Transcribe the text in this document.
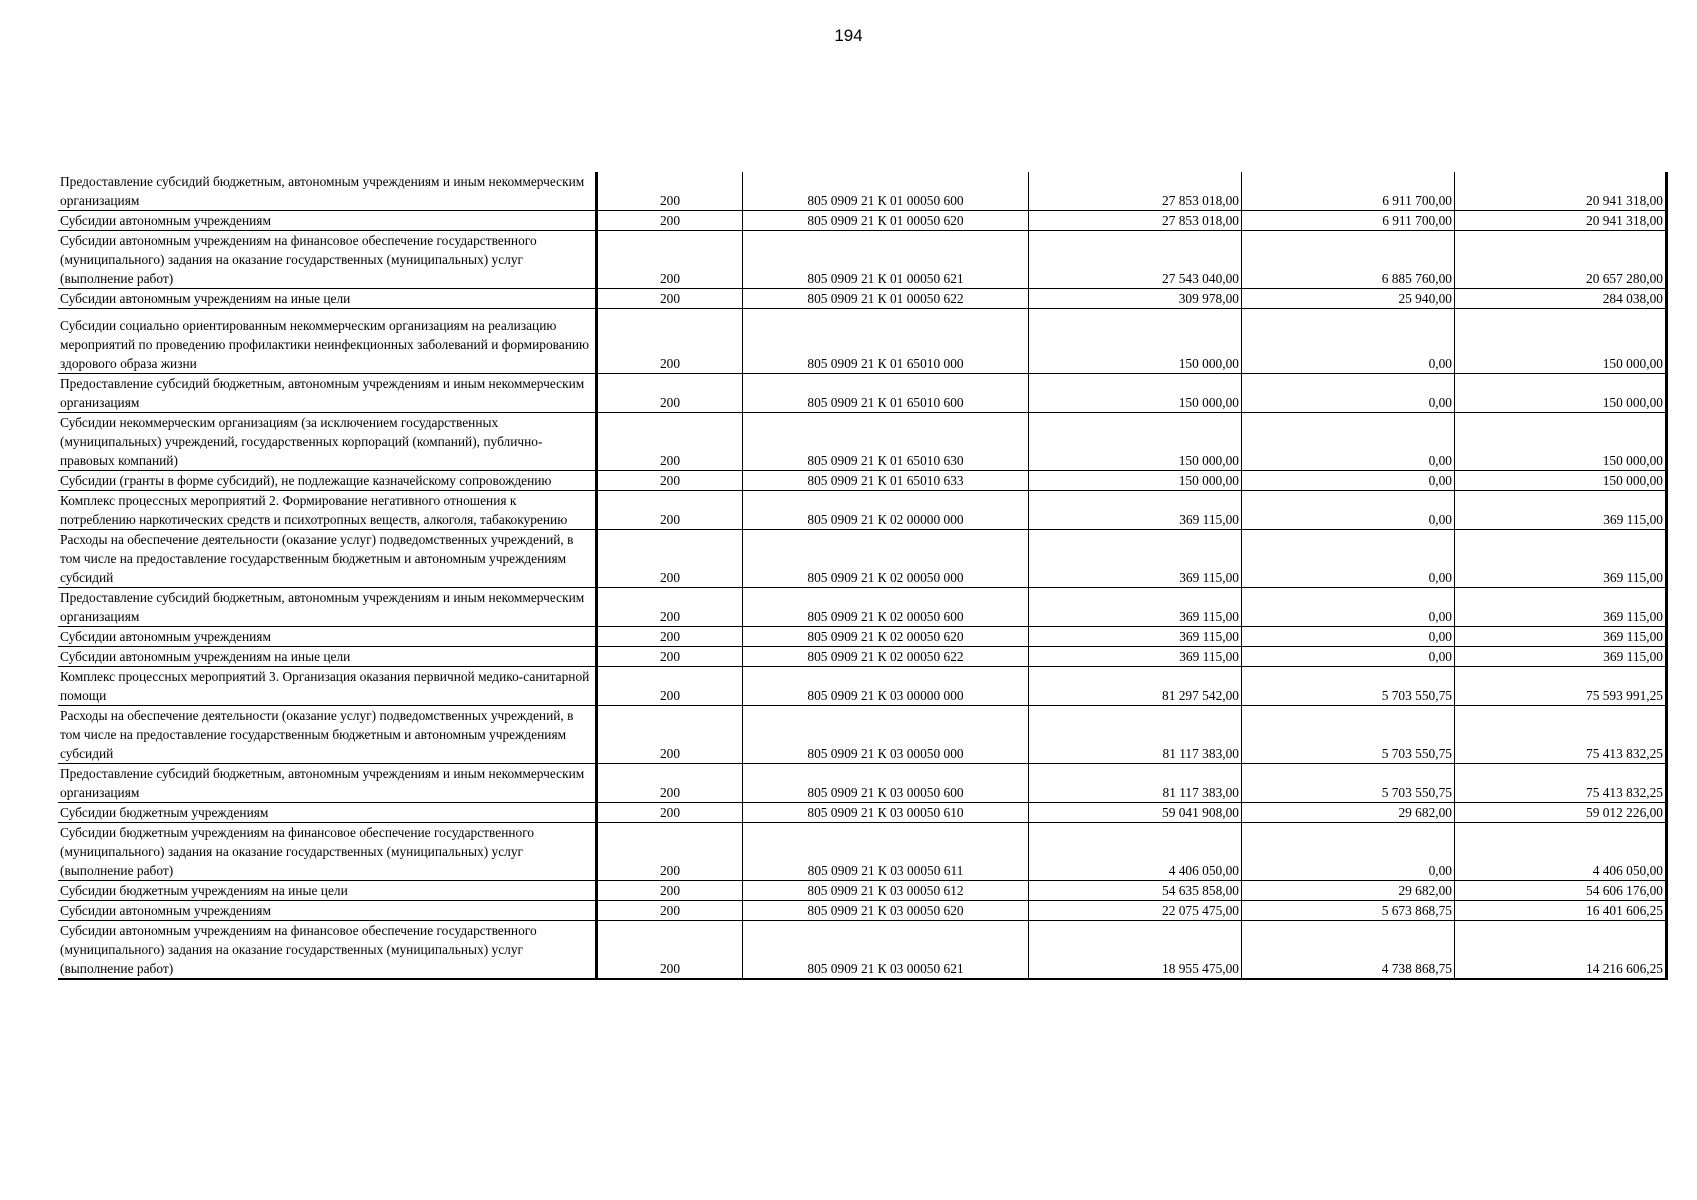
194
Предоставление субсидий бюджетным, автономным учреждениям и иным некоммерческим организациям	200	805 0909 21 К 01 00050 600	27 853 018,00	6 911 700,00	20 941 318,00
Субсидии автономным учреждениям	200	805 0909 21 К 01 00050 620	27 853 018,00	6 911 700,00	20 941 318,00
Субсидии автономным учреждениям на финансовое обеспечение государственного (муниципального) задания на оказание государственных (муниципальных) услуг (выполнение работ)	200	805 0909 21 К 01 00050 621	27 543 040,00	6 885 760,00	20 657 280,00
Субсидии автономным учреждениям на иные цели	200	805 0909 21 К 01 00050 622	309 978,00	25 940,00	284 038,00
Субсидии социально ориентированным некоммерческим организациям на реализацию мероприятий по проведению профилактики неинфекционных заболеваний и формированию здорового образа жизни	200	805 0909 21 К 01 65010 000	150 000,00	0,00	150 000,00
Предоставление субсидий бюджетным, автономным учреждениям и иным некоммерческим организациям	200	805 0909 21 К 01 65010 600	150 000,00	0,00	150 000,00
Субсидии некоммерческим организациям (за исключением государственных (муниципальных) учреждений, государственных корпораций (компаний), публично-правовых компаний)	200	805 0909 21 К 01 65010 630	150 000,00	0,00	150 000,00
Субсидии (гранты в форме субсидий), не подлежащие казначейскому сопровождению	200	805 0909 21 К 01 65010 633	150 000,00	0,00	150 000,00
Комплекс процессных мероприятий 2. Формирование негативного отношения к потреблению наркотических средств и психотропных веществ, алкоголя, табакокурению	200	805 0909 21 К 02 00000 000	369 115,00	0,00	369 115,00
Расходы на обеспечение деятельности (оказание услуг) подведомственных учреждений, в том числе на предоставление государственным бюджетным и автономным учреждениям субсидий	200	805 0909 21 К 02 00050 000	369 115,00	0,00	369 115,00
Предоставление субсидий бюджетным, автономным учреждениям и иным некоммерческим организациям	200	805 0909 21 К 02 00050 600	369 115,00	0,00	369 115,00
Субсидии автономным учреждениям	200	805 0909 21 К 02 00050 620	369 115,00	0,00	369 115,00
Субсидии автономным учреждениям на иные цели	200	805 0909 21 К 02 00050 622	369 115,00	0,00	369 115,00
Комплекс процессных мероприятий 3. Организация оказания первичной медико-санитарной помощи	200	805 0909 21 К 03 00000 000	81 297 542,00	5 703 550,75	75 593 991,25
Расходы на обеспечение деятельности (оказание услуг) подведомственных учреждений, в том числе на предоставление государственным бюджетным и автономным учреждениям субсидий	200	805 0909 21 К 03 00050 000	81 117 383,00	5 703 550,75	75 413 832,25
Предоставление субсидий бюджетным, автономным учреждениям и иным некоммерческим организациям	200	805 0909 21 К 03 00050 600	81 117 383,00	5 703 550,75	75 413 832,25
Субсидии бюджетным учреждениям	200	805 0909 21 К 03 00050 610	59 041 908,00	29 682,00	59 012 226,00
Субсидии бюджетным учреждениям на финансовое обеспечение государственного (муниципального) задания на оказание государственных (муниципальных) услуг (выполнение работ)	200	805 0909 21 К 03 00050 611	4 406 050,00	0,00	4 406 050,00
Субсидии бюджетным учреждениям на иные цели	200	805 0909 21 К 03 00050 612	54 635 858,00	29 682,00	54 606 176,00
Субсидии автономным учреждениям	200	805 0909 21 К 03 00050 620	22 075 475,00	5 673 868,75	16 401 606,25
Субсидии автономным учреждениям на финансовое обеспечение государственного (муниципального) задания на оказание государственных (муниципальных) услуг (выполнение работ)	200	805 0909 21 К 03 00050 621	18 955 475,00	4 738 868,75	14 216 606,25
